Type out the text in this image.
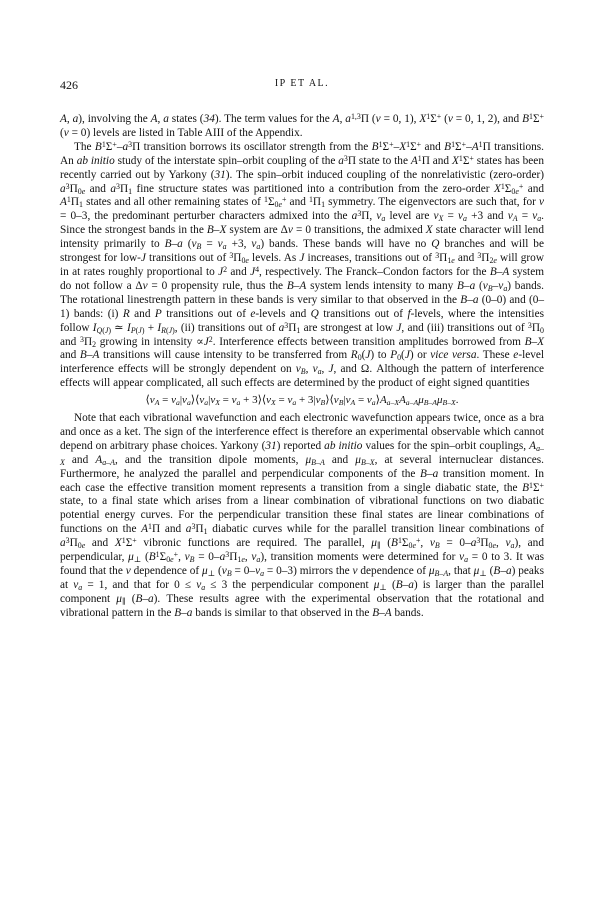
426	IP ET AL.

A, a), involving the A, a states (34). The term values for the A, $a^{1,3}\Pi$ (v = 0, 1), $X^1\Sigma^+$ (v = 0, 1, 2), and $B^1\Sigma^+$ (v = 0) levels are listed in Table AIII of the Appendix.

The $B^1\Sigma^+-a^3\Pi$ transition borrows its oscillator strength from the $B^1\Sigma^+-X^1\Sigma^+$ and $B^1\Sigma^+-A^1\Pi$ transitions. An ab initio study of the interstate spin–orbit coupling of the $a^3\Pi$ state to the $A^1\Pi$ and $X^1\Sigma^+$ states has been recently carried out by Yarkony (31). The spin–orbit induced coupling of the nonrelativistic (zero-order) $a^3\Pi_{0e}$ and $a^3\Pi_1$ fine structure states was partitioned into a contribution from the zero-order $X^1\Sigma_{0e}^+$ and $A^1\Pi_1$ states and all other remaining states of $^1\Sigma_{0e}^+$ and $^1\Pi_1$ symmetry. The eigenvectors are such that, for v = 0–3, the predominant perturber characters admixed into the $a^3\Pi$, $v_a$ level are $v_X = v_a +3$ and $v_A = v_a$. Since the strongest bands in the B–X system are Δv = 0 transitions, the admixed X state character will lend intensity primarily to B–a ($v_B = v_a +3$, $v_a$) bands. These bands will have no Q branches and will be strongest for low-J transitions out of $^3\Pi_{0e}$ levels. As J increases, transitions out of $^3\Pi_{1e}$ and $^3\Pi_{2e}$ will grow in at rates roughly proportional to $J^2$ and $J^4$, respectively. The Franck–Condon factors for the B–A system do not follow a Δv = 0 propensity rule, thus the B–A system lends intensity to many B–a $(v_B-v_a)$ bands. The rotational linestrength pattern in these bands is very similar to that observed in the B–a (0–0) and (0–1) bands: (i) R and P transitions out of e-levels and Q transitions out of f-levels, where the intensities follow $I_{Q(J)}$ ≃ $I_{P(J)} + I_{R(J)}$, (ii) transitions out of $a^3\Pi_1$ are strongest at low J, and (iii) transitions out of $^3\Pi_0$ and $^3\Pi_2$ growing in intensity $\propto J^2$. Interference effects between transition amplitudes borrowed from B–X and B–A transitions will cause intensity to be transferred from $R_0(J)$ to $P_0(J)$ or vice versa. These e-level interference effects will be strongly dependent on $v_B$, $v_a$, J, and Ω. Although the pattern of interference effects will appear complicated, all such effects are determined by the product of eight signed quantities

$⟨v_A$ = $v_a|v_a⟩⟨v_a|v_X = v_a$ + $3⟩⟨v_X = v_a$ + $3|v_B⟩⟨v_B|v_A$ = $v_a⟩A_{a-X}A_{a-A}\mu_{B-A}\mu_{B-X}$.

Note that each vibrational wavefunction and each electronic wavefunction appears twice, once as a bra and once as a ket. The sign of the interference effect is therefore an experimental observable which cannot depend on arbitrary phase choices. Yarkony (31) reported ab initio values for the spin–orbit couplings, $A_{a-X}$ and $A_{a-A}$, and the transition dipole moments, $\mu_{B-A}$ and $\mu_{B-X}$, at several internuclear distances. Furthermore, he analyzed the parallel and perpendicular components of the B–a transition moment. In each case the effective transition moment represents a transition from a single diabatic state, the $B^1\Sigma^+$ state, to a final state which arises from a linear combination of vibrational functions on two diabatic potential energy curves. For the perpendicular transition these final states are linear combinations of functions on the $A^1\Pi$ and $a^3\Pi_1$ diabatic curves while for the parallel transition linear combinations of $a^3\Pi_{0e}$ and $X^1\Sigma^+$ vibronic functions are required. The parallel, $\mu_\parallel$ ($B^1\Sigma_{0e}^+$, $v_B = 0-a^3\Pi_{0e}$, $v_a$), and perpendicular, $\mu_\perp$ ($B^1\Sigma_{0e}^+$, $v_B = 0-a^3\Pi_{1e}$, $v_a$), transition moments were determined for $v_a = 0$ to 3. It was found that the v dependence of $\mu_\perp$ $(v_B = 0-v_a = 0-3)$ mirrors the v dependence of $\mu_{B-A}$, that $\mu_\perp$ (B–a) peaks at $v_a = 1$, and that for $0 \le v_a \le 3$ the perpendicular component $\mu_\perp$ (B–a) is larger than the parallel component $\mu_\parallel$ (B–a). These results agree with the experimental observation that the rotational and vibrational pattern in the B–a bands is similar to that observed in the B–A bands.
